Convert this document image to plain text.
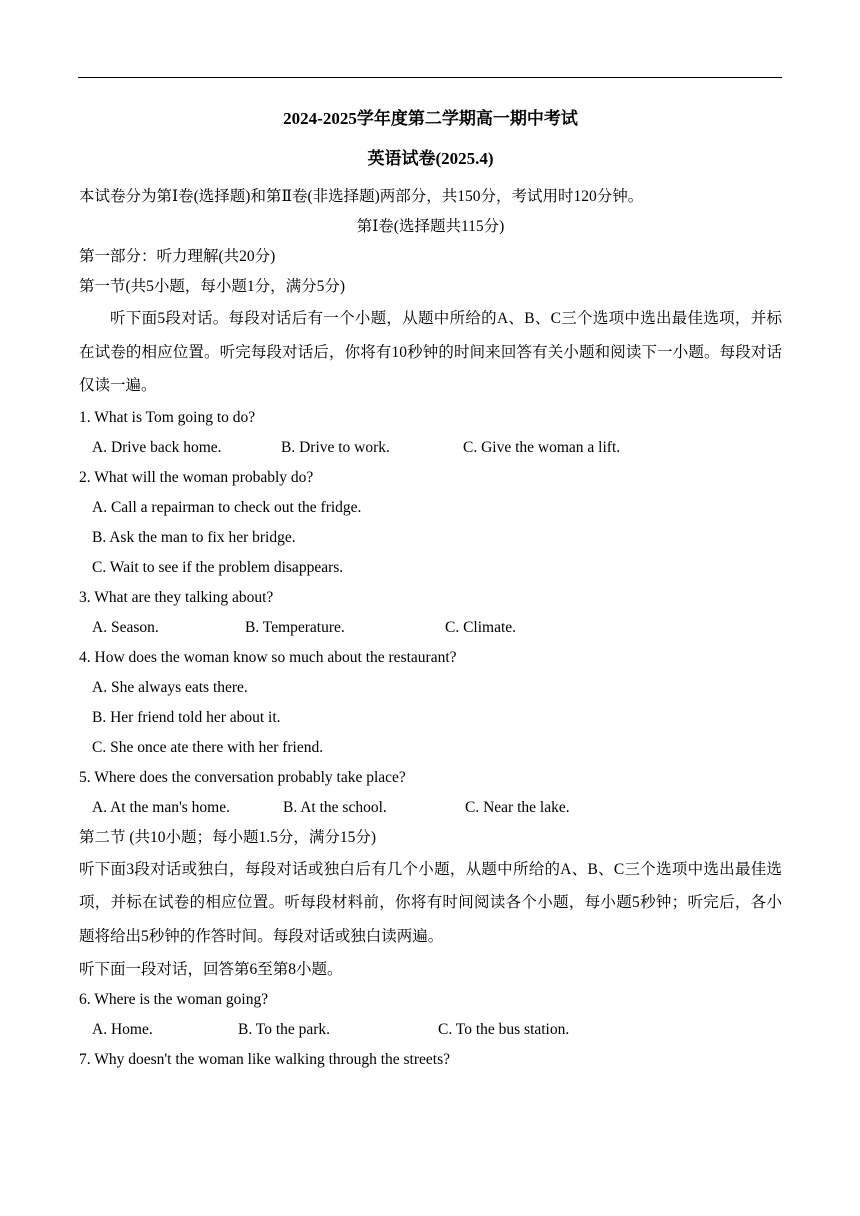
2024-2025学年度第二学期高一期中考试
英语试卷(2025.4)
本试卷分为第Ⅰ卷(选择题)和第Ⅱ卷(非选择题)两部分，共150分，考试用时120分钟。
第Ⅰ卷(选择题共115分)
第一部分：听力理解(共20分)
第一节(共5小题，每小题1分，满分5分)
听下面5段对话。每段对话后有一个小题，从题中所给的A、B、C三个选项中选出最佳选项，并标在试卷的相应位置。听完每段对话后，你将有10秒钟的时间来回答有关小题和阅读下一小题。每段对话仅读一遍。
1. What is Tom going to do?
A. Drive back home.	B. Drive to work.	C. Give the woman a lift.
2. What will the woman probably do?
A. Call a repairman to check out the fridge.
B. Ask the man to fix her bridge.
C. Wait to see if the problem disappears.
3. What are they talking about?
A. Season.	B. Temperature.	C. Climate.
4. How does the woman know so much about the restaurant?
A. She always eats there.
B. Her friend told her about it.
C. She once ate there with her friend.
5. Where does the conversation probably take place?
A. At the man's home.	B. At the school.	C. Near the lake.
第二节 (共10小题；每小题1.5分，满分15分)
听下面3段对话或独白，每段对话或独白后有几个小题，从题中所给的A、B、C三个选项中选出最佳选项，并标在试卷的相应位置。听每段材料前，你将有时间阅读各个小题，每小题5秒钟；听完后，各小题将给出5秒钟的作答时间。每段对话或独白读两遍。
听下面一段对话，回答第6至第8小题。
6. Where is the woman going?
A. Home.	B. To the park.	C. To the bus station.
7. Why doesn't the woman like walking through the streets?
